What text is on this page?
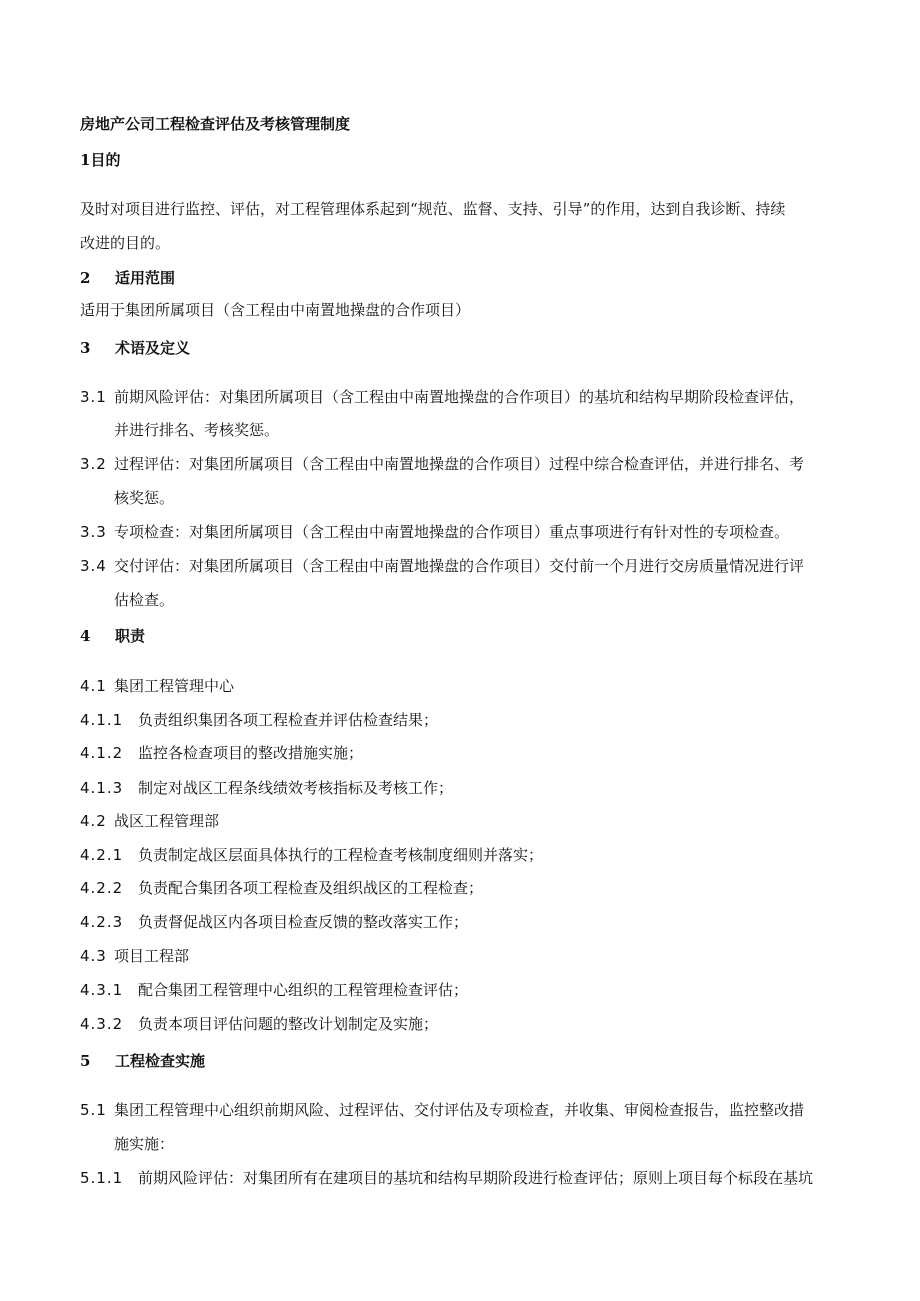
房地产公司工程检查评估及考核管理制度
1目的
及时对项目进行监控、评估，对工程管理体系起到“规范、监督、支持、引导”的作用，达到自我诊断、持续
改进的目的。
2 适用范围
适用于集团所属项目（含工程由中南置地操盘的合作项目）
3 术语及定义
3.1 前期风险评估：对集团所属项目（含工程由中南置地操盘的合作项目）的基坑和结构早期阶段检查评估，
并进行排名、考核奖惩。
3.2 过程评估：对集团所属项目（含工程由中南置地操盘的合作项目）过程中综合检查评估，并进行排名、考
核奖惩。
3.3 专项检查：对集团所属项目（含工程由中南置地操盘的合作项目）重点事项进行有针对性的专项检查。
3.4 交付评估：对集团所属项目（含工程由中南置地操盘的合作项目）交付前一个月进行交房质量情况进行评
估检查。
4 职责
4.1 集团工程管理中心
4.1.1 负责组织集团各项工程检查并评估检查结果；
4.1.2 监控各检查项目的整改措施实施；
4.1.3 制定对战区工程条线绩效考核指标及考核工作；
4.2 战区工程管理部
4.2.1 负责制定战区层面具体执行的工程检查考核制度细则并落实；
4.2.2 负责配合集团各项工程检查及组织战区的工程检查；
4.2.3 负责督促战区内各项目检查反馈的整改落实工作；
4.3 项目工程部
4.3.1 配合集团工程管理中心组织的工程管理检查评估；
4.3.2 负责本项目评估问题的整改计划制定及实施；
5 工程检查实施
5.1 集团工程管理中心组织前期风险、过程评估、交付评估及专项检查，并收集、审阅检查报告，监控整改措
施实施：
5.1.1 前期风险评估：对集团所有在建项目的基坑和结构早期阶段进行检查评估；原则上项目每个标段在基坑
